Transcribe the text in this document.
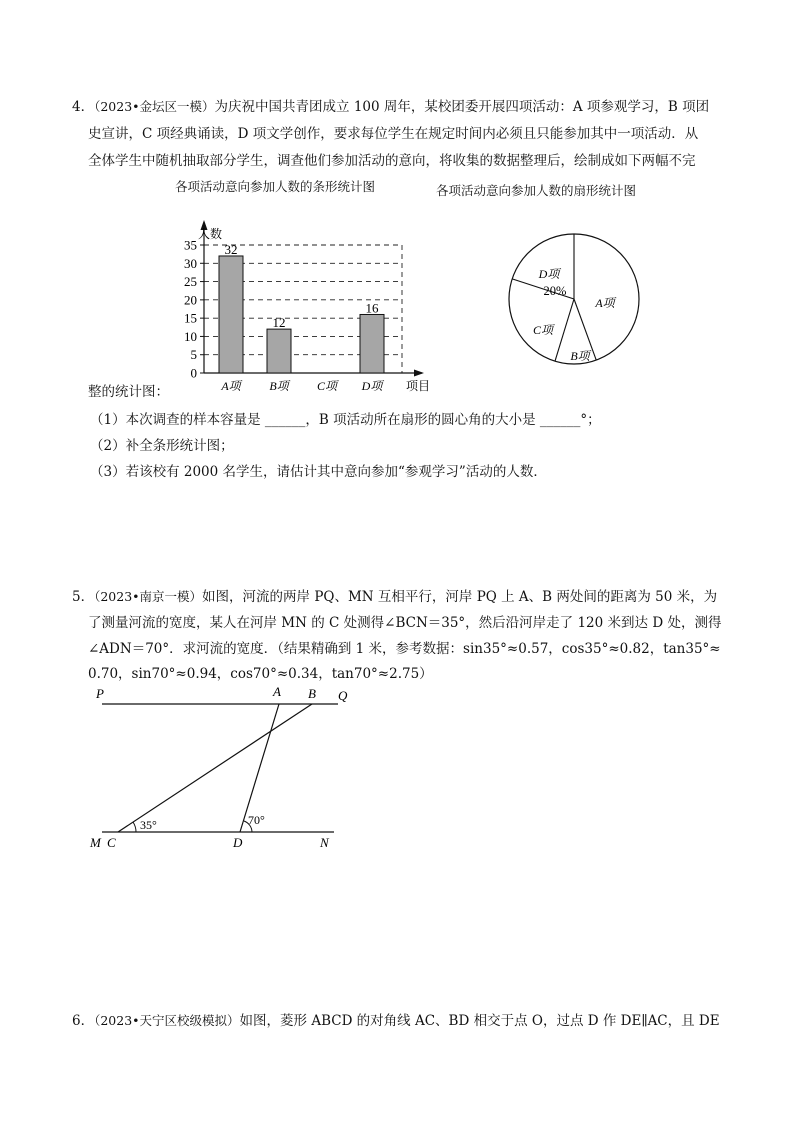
4．（2023•金坛区一模）为庆祝中国共青团成立 100 周年，某校团委开展四项活动：A 项参观学习，B 项团
史宣讲，C 项经典诵读，D 项文学创作，要求每位学生在规定时间内必须且只能参加其中一项活动．从
全体学生中随机抽取部分学生，调查他们参加活动的意向，将收集的数据整理后，绘制成如下两幅不完
各项活动意向参加人数的条形统计图	各项活动意向参加人数的扇形统计图
0
5
10
15
20
25
30
35
人数
项目
32
A项
12
B项 C项
16
D项
整的统计图：
A项
B项
C项
D项
20%
（1）本次调查的样本容量是 ______，B 项活动所在扇形的圆心角的大小是 ______°；
（2）补全条形统计图；
（3）若该校有 2000 名学生，请估计其中意向参加“参观学习”活动的人数．
5．（2023•南京一模）如图，河流的两岸 PQ、MN 互相平行，河岸 PQ 上 A、B 两处间的距离为 50 米，为
了测量河流的宽度，某人在河岸 MN 的 C 处测得∠BCN＝35°，然后沿河岸走了 120 米到达 D 处，测得
∠ADN＝70°．求河流的宽度．（结果精确到 1 米，参考数据：sin35°≈0.57，cos35°≈0.82，tan35°≈
0.70，sin70°≈0.94，cos70°≈0.34，tan70°≈2.75）
P	A B Q
M C	D	N
35°	70°
6．（2023•天宁区校级模拟）如图，菱形 ABCD 的对角线 AC、BD 相交于点 O，过点 D 作 DE∥AC，且 DE
